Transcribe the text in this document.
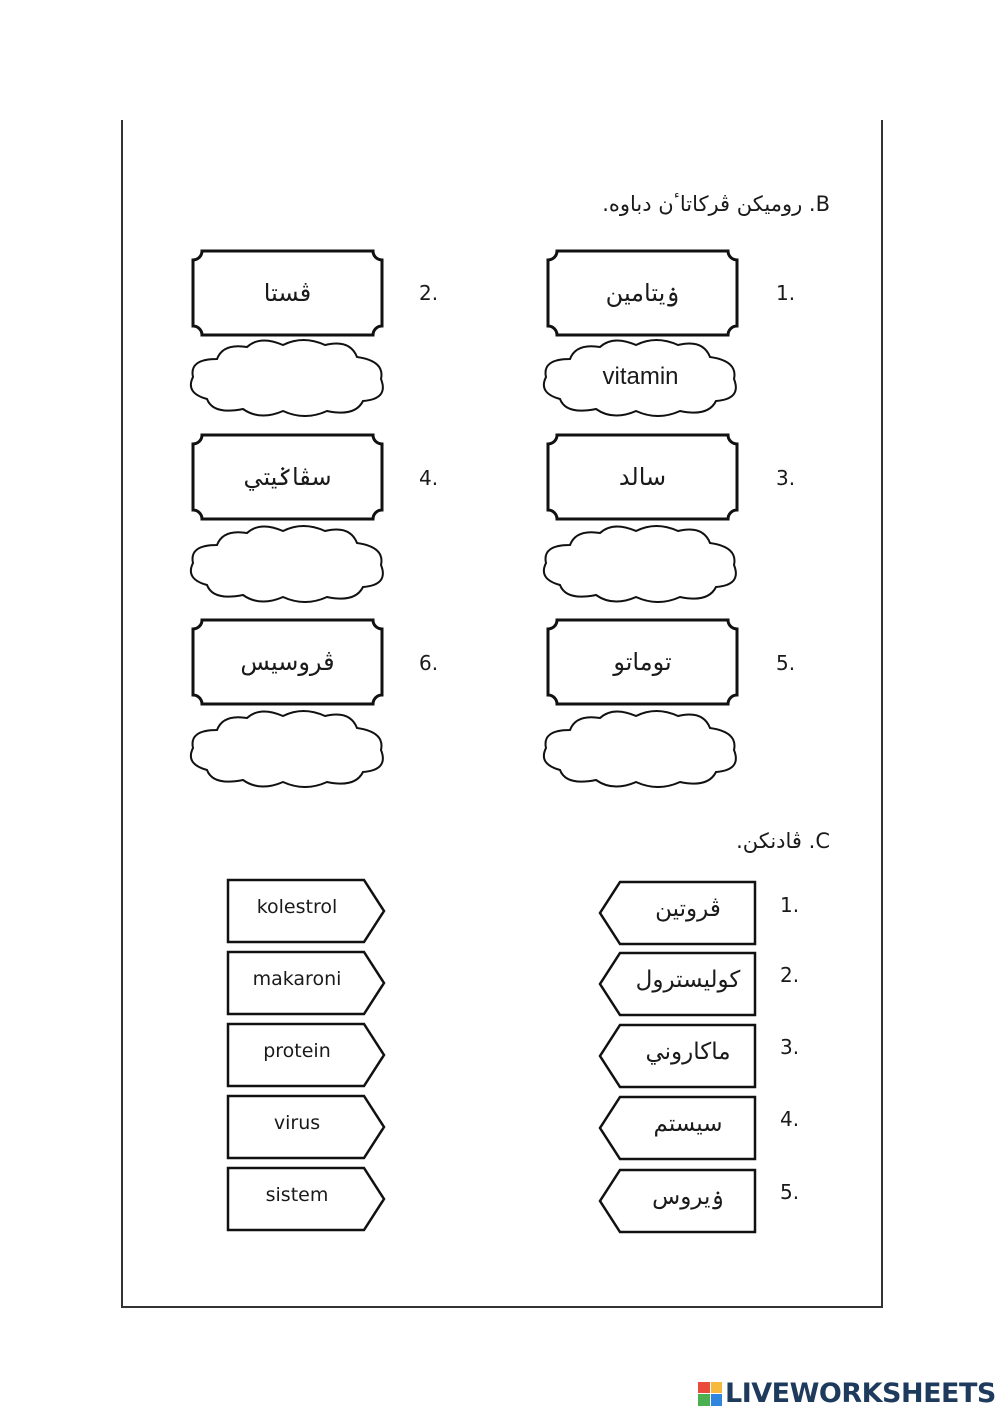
B. روميکن ڤرکاتاٴن دباوه.
1.
ۏيتامين
vitamin
2.
ڤستا
3.
سالد
4.
سڤاݢيتي
5.
توماتو
6.
ڤروسيس
C. ڤادنکن.
1.
ڤروتين
2.
کوليسترول
3.
ماکاروني
4.
سيستم
5.
ۏيروس
kolestrol
makaroni
protein
virus
sistem
LIVEWORKSHEETS
